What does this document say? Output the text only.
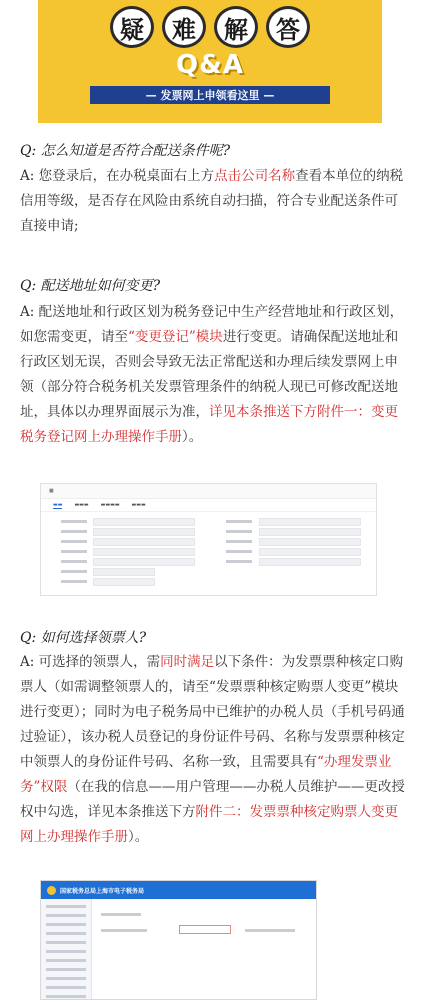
疑	难	解	答
Q&A
— 发票网上申领看这里 —
Q: 怎么知道是否符合配送条件呢?

A: 您登录后，在办税桌面右上方点击公司名称查看本单位的纳税信用等级，是否存在风险由系统自动扫描，符合专业配送条件可直接申请;

Q: 配送地址如何变更?

A: 配送地址和行政区划为税务登记中生产经营地址和行政区划，如您需变更，请至“变更登记”模块进行变更。请确保配送地址和行政区划无误，否则会导致无法正常配送和办理后续发票网上申领（部分符合税务机关发票管理条件的纳税人现已可修改配送地址，具体以办理界面展示为准，详见本条推送下方附件一：变更税务登记网上办理操作手册）。

■
▬▬ ▬▬▬ ▬▬▬▬ ▬▬▬
Q: 如何选择领票人?

A: 可选择的领票人，需同时满足以下条件：为发票票种核定口购票人（如需调整领票人的，请至“发票票种核定购票人变更”模块进行变更）；同时为电子税务局中已维护的办税人员（手机号码通过验证），该办税人员登记的身份证件号码、名称与发票票种核定中领票人的身份证件号码、名称一致，且需要具有“办理发票业务”权限（在我的信息——用户管理——办税人员维护——更改授权中勾选，详见本条推送下方附件二：发票票种核定购票人变更网上办理操作手册）。

国家税务总局上海市电子税务局
